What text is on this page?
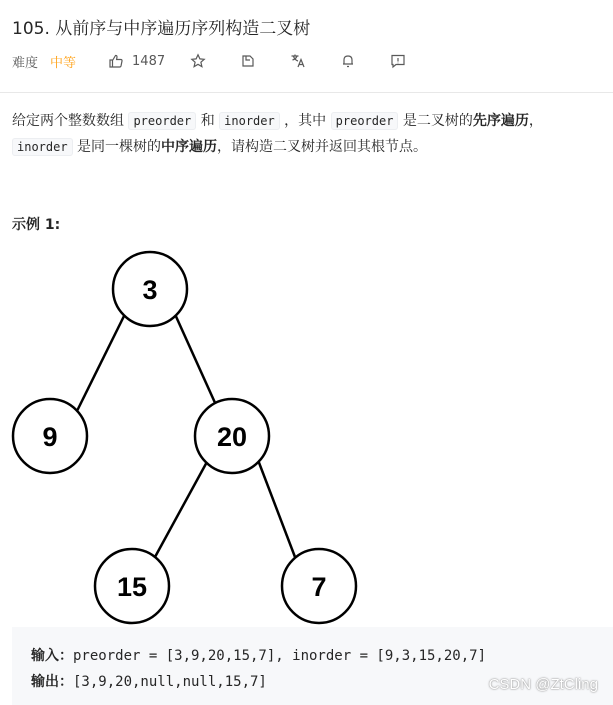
105. 从前序与中序遍历序列构造二叉树
难度 中等	1487
给定两个整数数组 preorder 和 inorder ，其中 preorder 是二叉树的先序遍历，
inorder 是同一棵树的中序遍历，请构造二叉树并返回其根节点。
示例 1:
3
9	20
15	7
输入：preorder = [3,9,20,15,7], inorder = [9,3,15,20,7]
输出：[3,9,20,null,null,15,7]	CSDN @ZtCling
